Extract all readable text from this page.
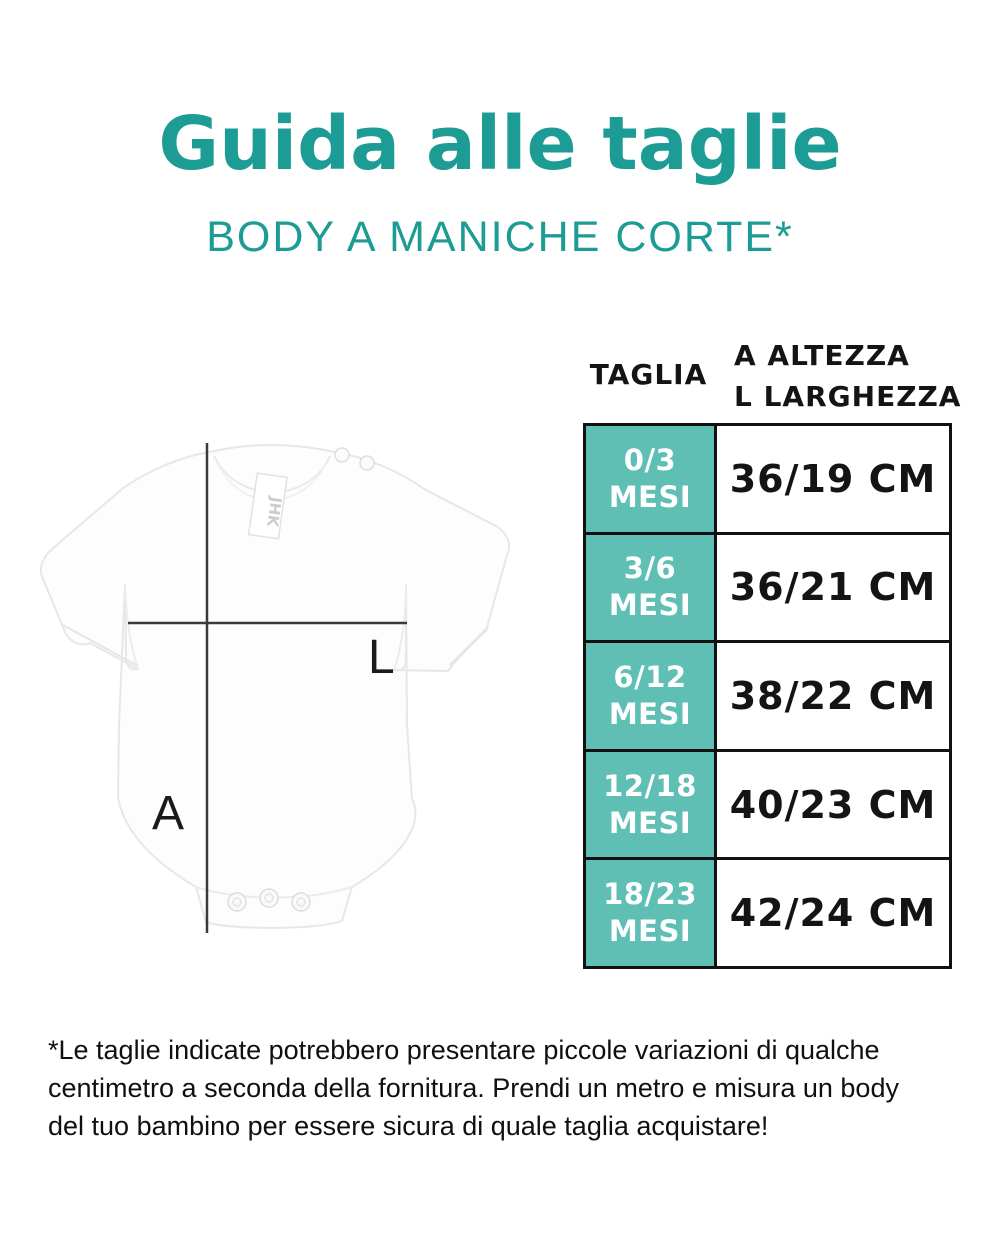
Guida alle taglie
BODY A MANICHE CORTE*
JHK
A
L
TAGLIA
A ALTEZZA
L LARGHEZZA
0/3
MESI	36/19 CM
3/6
MESI	36/21 CM
6/12
MESI	38/22 CM
12/18
MESI	40/23 CM
18/23
MESI	42/24 CM
*Le taglie indicate potrebbero presentare piccole variazioni di qualche
centimetro a seconda della fornitura. Prendi un metro e misura un body
del tuo bambino per essere sicura di quale taglia acquistare!
